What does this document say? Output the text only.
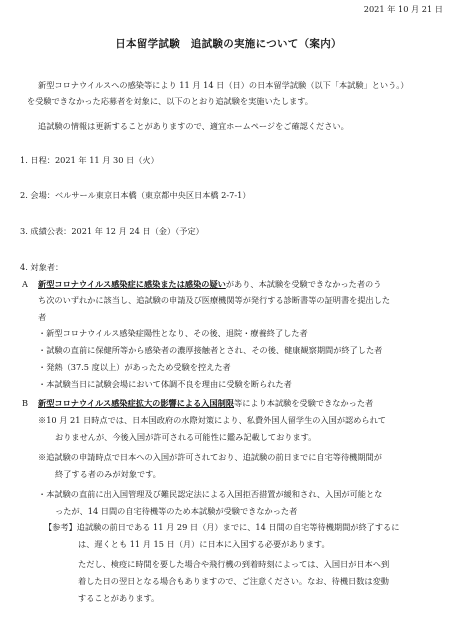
2021 年 10 月 21 日
日本留学試験　追試験の実施について（案内）
新型コロナウイルスへの感染等により 11 月 14 日（日）の日本留学試験（以下「本試験」という。）
を受験できなかった応募者を対象に、以下のとおり追試験を実施いたします。
追試験の情報は更新することがありますので、適宜ホームページをご確認ください。
1. 日程：2021 年 11 月 30 日（火）
2. 会場：ベルサール東京日本橋（東京都中央区日本橋 2-7-1）
3. 成績公表：2021 年 12 月 24 日（金）（予定）
4. 対象者：
A 新型コロナウイルス感染症に感染または感染の疑いがあり、本試験を受験できなかった者のう
ち次のいずれかに該当し、追試験の申請及び医療機関等が発行する診断書等の証明書を提出した
者
・新型コロナウイルス感染症陽性となり、その後、退院・療養終了した者
・試験の直前に保健所等から感染者の濃厚接触者とされ、その後、健康観察期間が終了した者
・発熱（37.5 度以上）があったため受験を控えた者
・本試験当日に試験会場において体調不良を理由に受験を断られた者
B 新型コロナウイルス感染症拡大の影響による入国制限等により本試験を受験できなかった者
※10 月 21 日時点では、日本国政府の水際対策により、私費外国人留学生の入国が認められて
おりませんが、今後入国が許可される可能性に鑑み記載しております。
※追試験の申請時点で日本への入国が許可されており、追試験の前日までに自宅等待機期間が
終了する者のみが対象です。
・本試験の直前に出入国管理及び難民認定法による入国拒否措置が緩和され、入国が可能とな
ったが、14 日間の自宅待機等のため本試験が受験できなかった者
【参考】追試験の前日である 11 月 29 日（月）までに、14 日間の自宅等待機期間が終了するに
は、遅くとも 11 月 15 日（月）に日本に入国する必要があります。
ただし、検疫に時間を要した場合や飛行機の到着時刻によっては、入国日が日本へ到
着した日の翌日となる場合もありますので、ご注意ください。なお、待機日数は変動
することがあります。
